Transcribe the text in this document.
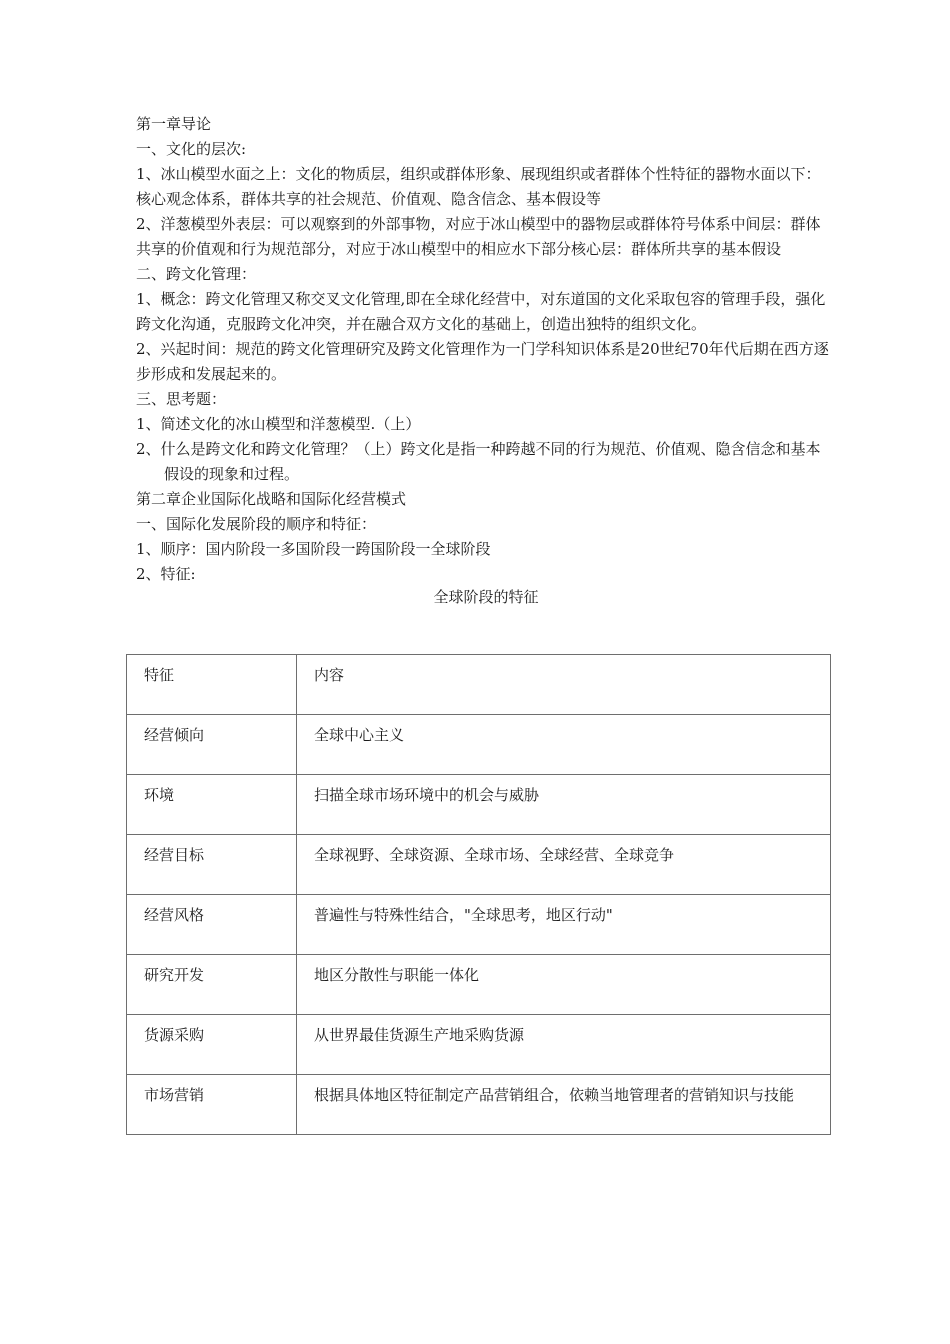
第一章导论
一、文化的层次:
1、冰山模型水面之上：文化的物质层，组织或群体形象、展现组织或者群体个性特征的器物水面以下：核心观念体系，群体共享的社会规范、价值观、隐含信念、基本假设等
2、洋葱模型外表层：可以观察到的外部事物，对应于冰山模型中的器物层或群体符号体系中间层：群体共享的价值观和行为规范部分，对应于冰山模型中的相应水下部分核心层：群体所共享的基本假设
二、跨文化管理：
1、概念：跨文化管理又称交叉文化管理,即在全球化经营中，对东道国的文化采取包容的管理手段，强化跨文化沟通，克服跨文化冲突，并在融合双方文化的基础上，创造出独特的组织文化。
2、兴起时间：规范的跨文化管理研究及跨文化管理作为一门学科知识体系是20世纪70年代后期在西方逐步形成和发展起来的。
三、思考题：
1、简述文化的冰山模型和洋葱模型.（上）
2、什么是跨文化和跨文化管理？（上）跨文化是指一种跨越不同的行为规范、价值观、隐含信念和基本假设的现象和过程。
第二章企业国际化战略和国际化经营模式
一、国际化发展阶段的顺序和特征：
1、顺序：国内阶段一多国阶段一跨国阶段一全球阶段
2、特征:
全球阶段的特征
特征	内容
经营倾向	全球中心主义
环境	扫描全球市场环境中的机会与威胁
经营目标	全球视野、全球资源、全球市场、全球经营、全球竞争
经营风格	普遍性与特殊性结合，"全球思考，地区行动"
研究开发	地区分散性与职能一体化
货源采购	从世界最佳货源生产地采购货源
市场营销	根据具体地区特征制定产品营销组合，依赖当地管理者的营销知识与技能
